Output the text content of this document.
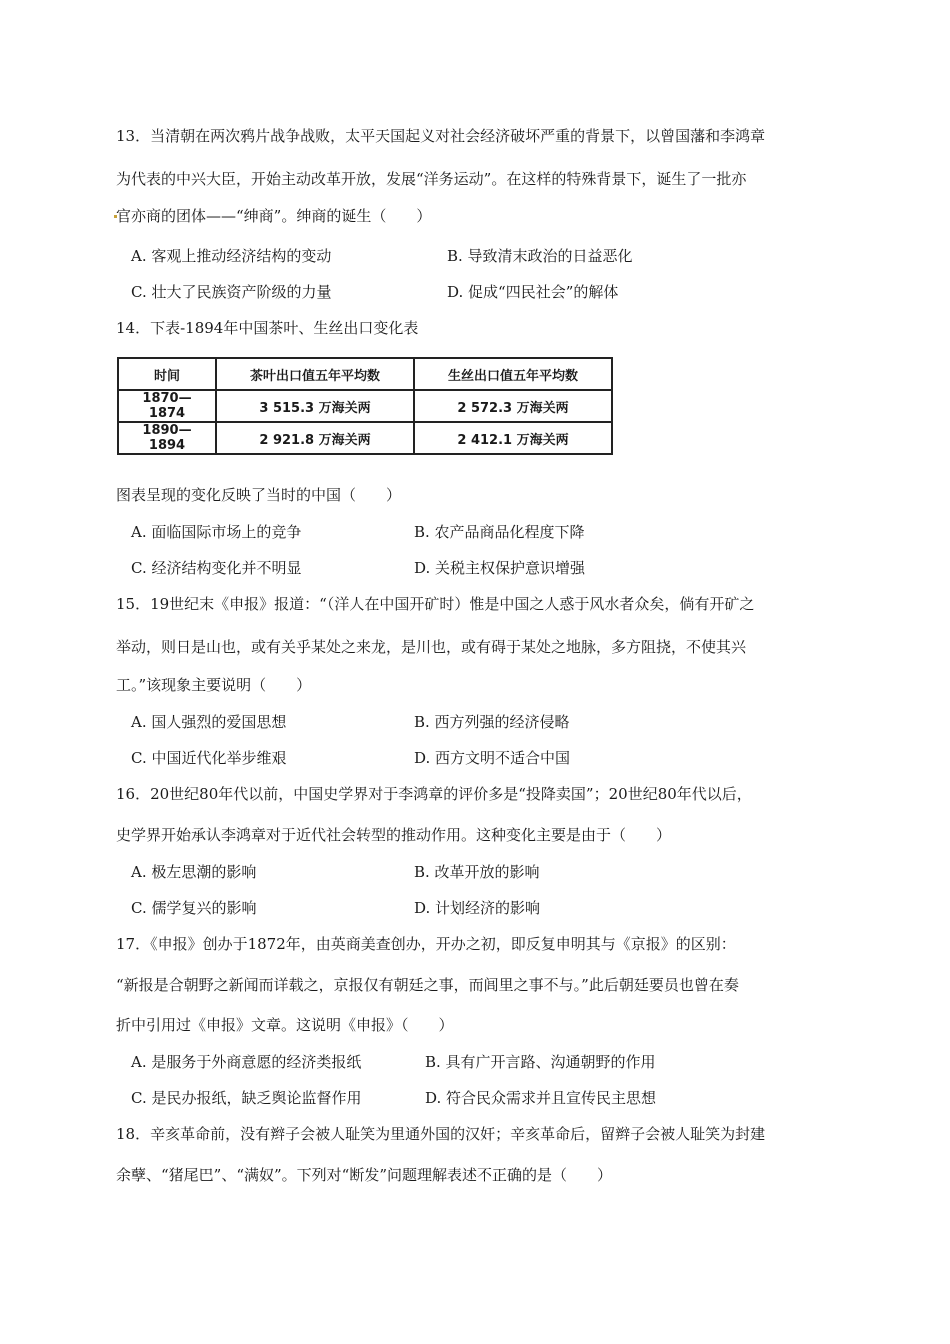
13．当清朝在两次鸦片战争战败，太平天国起义对社会经济破坏严重的背景下，以曾国藩和李鸿章
为代表的中兴大臣，开始主动改革开放，发展“洋务运动”。在这样的特殊背景下，诞生了一批亦
官亦商的团体——“绅商”。绅商的诞生（　　）
A. 客观上推动经济结构的变动	B. 导致清末政治的日益恶化
C. 壮大了民族资产阶级的力量	D. 促成“四民社会”的解体
14．下表-1894年中国茶叶、生丝出口变化表
时间	茶叶出口值五年平均数	生丝出口值五年平均数
1870—1874	3 515.3 万海关两	2 572.3 万海关两
1890—1894	2 921.8 万海关两	2 412.1 万海关两
图表呈现的变化反映了当时的中国（　　）
A. 面临国际市场上的竞争	B. 农产品商品化程度下降
C. 经济结构变化并不明显	D. 关税主权保护意识增强
15．19世纪末《申报》报道：“（洋人在中国开矿时）惟是中国之人惑于风水者众矣，倘有开矿之
举动，则日是山也，或有关乎某处之来龙，是川也，或有碍于某处之地脉，多方阻挠，不使其兴
工。”该现象主要说明（　　）
A. 国人强烈的爱国思想	B. 西方列强的经济侵略
C. 中国近代化举步维艰	D. 西方文明不适合中国
16．20世纪80年代以前，中国史学界对于李鸿章的评价多是“投降卖国”；20世纪80年代以后，
史学界开始承认李鸿章对于近代社会转型的推动作用。这种变化主要是由于（　　）
A. 极左思潮的影响	B. 改革开放的影响
C. 儒学复兴的影响	D. 计划经济的影响
17．《申报》创办于1872年，由英商美查创办，开办之初，即反复申明其与《京报》的区别：
“新报是合朝野之新闻而详载之，京报仅有朝廷之事，而闾里之事不与。”此后朝廷要员也曾在奏
折中引用过《申报》文章。这说明《申报》（　　）
A. 是服务于外商意愿的经济类报纸	B. 具有广开言路、沟通朝野的作用
C. 是民办报纸，缺乏舆论监督作用	D. 符合民众需求并且宣传民主思想
18．辛亥革命前，没有辫子会被人耻笑为里通外国的汉奸；辛亥革命后，留辫子会被人耻笑为封建
余孽、“猪尾巴”、“满奴”。下列对“断发”问题理解表述不正确的是（　　）
